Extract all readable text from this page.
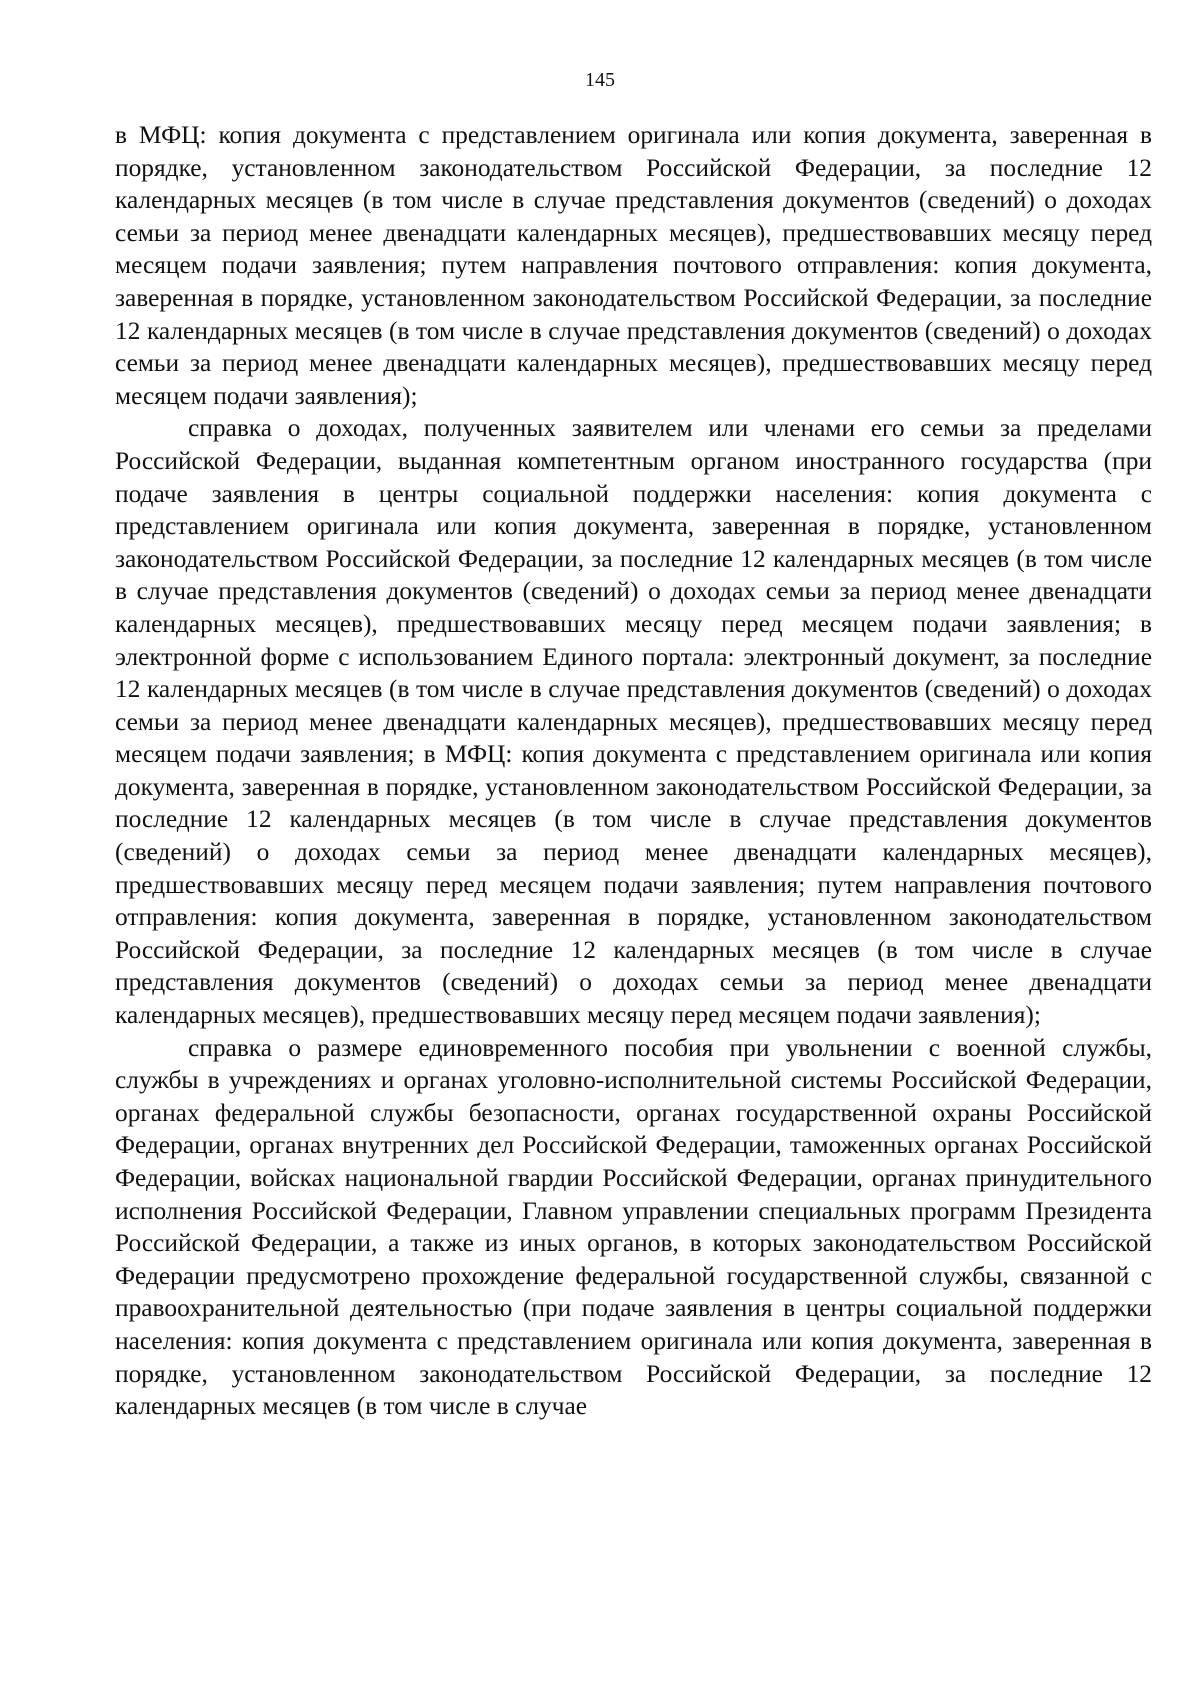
145

в МФЦ: копия документа с представлением оригинала или копия документа, заверенная в порядке, установленном законодательством Российской Федерации, за последние 12 календарных месяцев (в том числе в случае представления документов (сведений) о доходах семьи за период менее двенадцати календарных месяцев), предшествовавших месяцу перед месяцем подачи заявления; путем направления почтового отправления: копия документа, заверенная в порядке, установленном законодательством Российской Федерации, за последние 12 календарных месяцев (в том числе в случае представления документов (сведений) о доходах семьи за период менее двенадцати календарных месяцев), предшествовавших месяцу перед месяцем подачи заявления);

справка о доходах, полученных заявителем или членами его семьи за пределами Российской Федерации, выданная компетентным органом иностранного государства (при подаче заявления в центры социальной поддержки населения: копия документа с представлением оригинала или копия документа, заверенная в порядке, установленном законодательством Российской Федерации, за последние 12 календарных месяцев (в том числе в случае представления документов (сведений) о доходах семьи за период менее двенадцати календарных месяцев), предшествовавших месяцу перед месяцем подачи заявления; в электронной форме с использованием Единого портала: электронный документ, за последние 12 календарных месяцев (в том числе в случае представления документов (сведений) о доходах семьи за период менее двенадцати календарных месяцев), предшествовавших месяцу перед месяцем подачи заявления; в МФЦ: копия документа с представлением оригинала или копия документа, заверенная в порядке, установленном законодательством Российской Федерации, за последние 12 календарных месяцев (в том числе в случае представления документов (сведений) о доходах семьи за период менее двенадцати календарных месяцев), предшествовавших месяцу перед месяцем подачи заявления; путем направления почтового отправления: копия документа, заверенная в порядке, установленном законодательством Российской Федерации, за последние 12 календарных месяцев (в том числе в случае представления документов (сведений) о доходах семьи за период менее двенадцати календарных месяцев), предшествовавших месяцу перед месяцем подачи заявления);

справка о размере единовременного пособия при увольнении с военной службы, службы в учреждениях и органах уголовно-исполнительной системы Российской Федерации, органах федеральной службы безопасности, органах государственной охраны Российской Федерации, органах внутренних дел Российской Федерации, таможенных органах Российской Федерации, войсках национальной гвардии Российской Федерации, органах принудительного исполнения Российской Федерации, Главном управлении специальных программ Президента Российской Федерации, а также из иных органов, в которых законодательством Российской Федерации предусмотрено прохождение федеральной государственной службы, связанной с правоохранительной деятельностью (при подаче заявления в центры социальной поддержки населения: копия документа с представлением оригинала или копия документа, заверенная в порядке, установленном законодательством Российской Федерации, за последние 12 календарных месяцев (в том числе в случае
